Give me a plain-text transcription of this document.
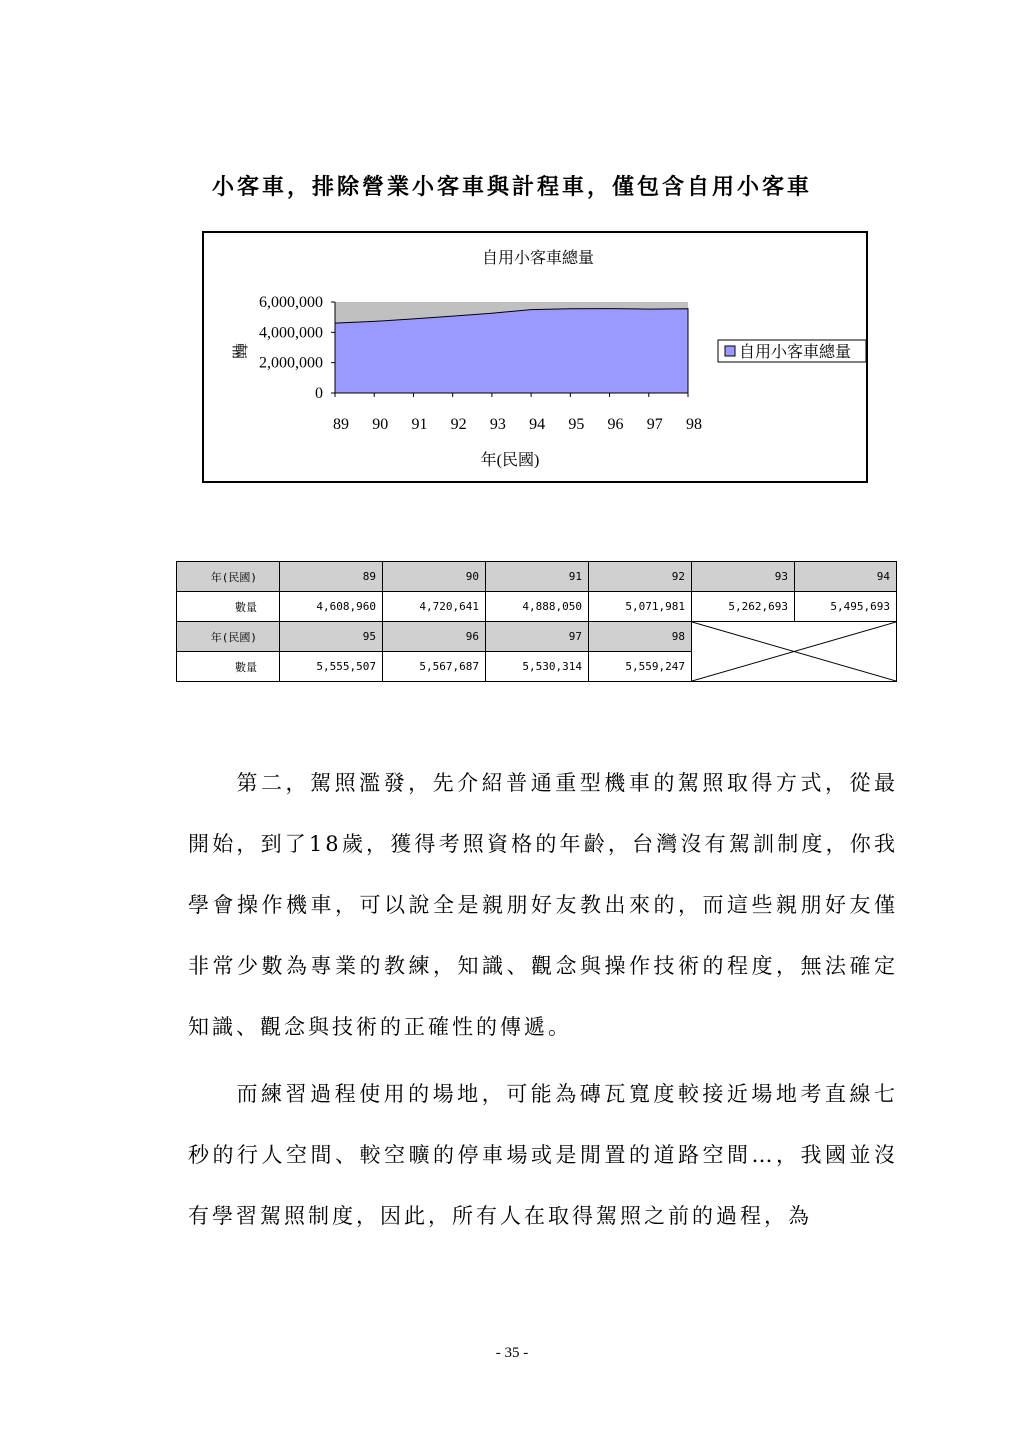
小客車，排除營業小客車與計程車，僅包含自用小客車
自用小客車總量
0
2,000,000
4,000,000
6,000,000
89 90 91 92 93 94 95 96 97 98
輛
年(民國)
自用小客車總量
年(民國)	89	90	91	92	93	94
數量	4,608,960	4,720,641	4,888,050	5,071,981	5,262,693	5,495,693
年(民國)	95	96	97	98	

數量	5,555,507	5,567,687	5,530,314	5,559,247		

第二，駕照濫發，先介紹普通重型機車的駕照取得方式，從最開始，到了18歲，獲得考照資格的年齡，台灣沒有駕訓制度，你我學會操作機車，可以說全是親朋好友教出來的，而這些親朋好友僅非常少數為專業的教練，知識、觀念與操作技術的程度，無法確定知識、觀念與技術的正確性的傳遞。

而練習過程使用的場地，可能為磚瓦寬度較接近場地考直線七秒的行人空間、較空曠的停車場或是閒置的道路空間…，我國並沒有學習駕照制度，因此，所有人在取得駕照之前的過程，為

- 35 -
